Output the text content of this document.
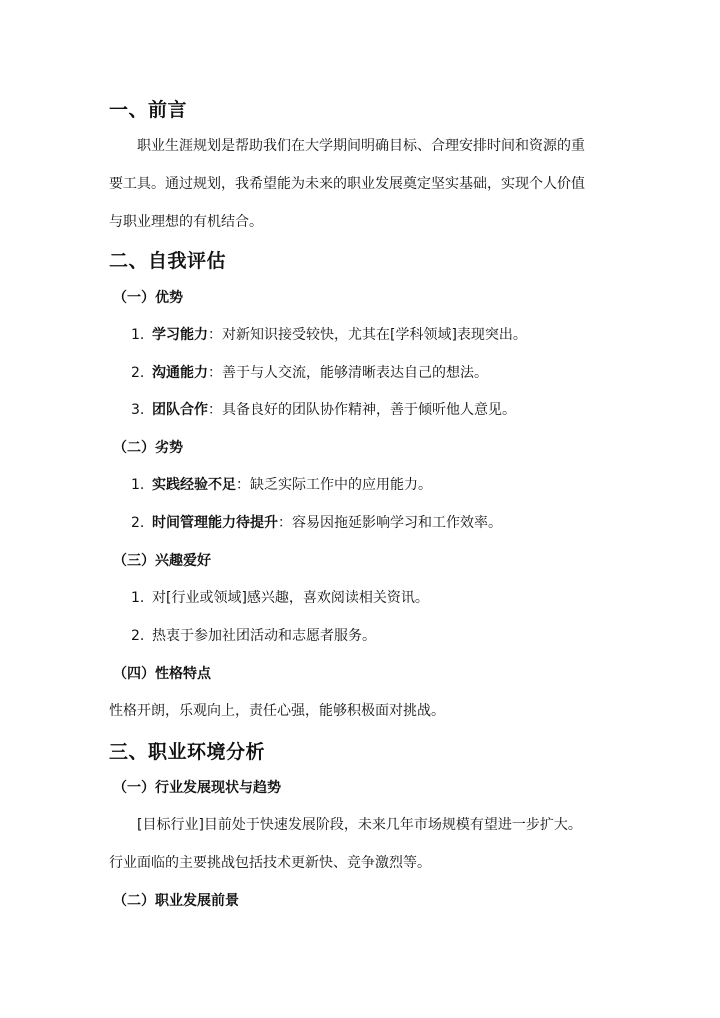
一、前言

职业生涯规划是帮助我们在大学期间明确目标、合理安排时间和资源的重

要工具。通过规划，我希望能为未来的职业发展奠定坚实基础，实现个人价值

与职业理想的有机结合。

二、自我评估
（一）优势

1. 学习能力：对新知识接受较快，尤其在[学科领域]表现突出。

2. 沟通能力：善于与人交流，能够清晰表达自己的想法。

3. 团队合作：具备良好的团队协作精神，善于倾听他人意见。

（二）劣势

1. 实践经验不足：缺乏实际工作中的应用能力。

2. 时间管理能力待提升：容易因拖延影响学习和工作效率。

（三）兴趣爱好

1. 对[行业或领域]感兴趣，喜欢阅读相关资讯。

2. 热衷于参加社团活动和志愿者服务。

（四）性格特点

性格开朗，乐观向上，责任心强，能够积极面对挑战。

三、职业环境分析
（一）行业发展现状与趋势

[目标行业]目前处于快速发展阶段，未来几年市场规模有望进一步扩大。

行业面临的主要挑战包括技术更新快、竞争激烈等。

（二）职业发展前景
